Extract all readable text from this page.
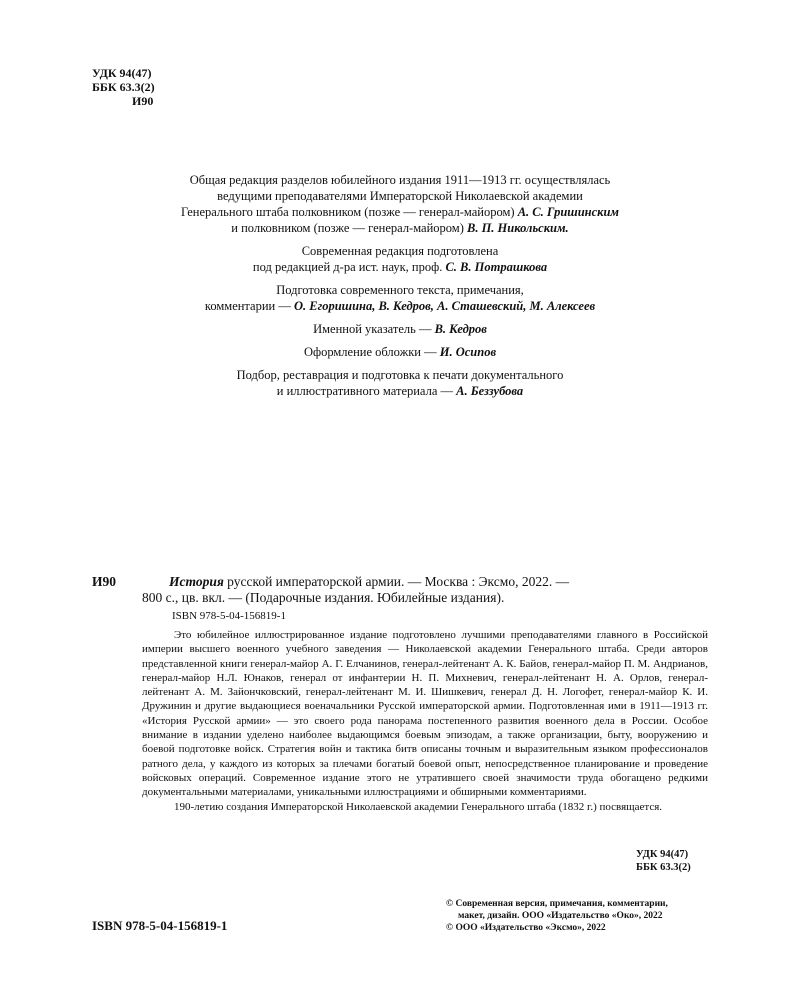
УДК 94(47)
ББК 63.3(2)
И90

Общая редакция разделов юбилейного издания 1911—1913 гг. осуществлялась

ведущими преподавателями Императорской Николаевской академии

Генерального штаба полковником (позже — генерал-майором) А. С. Гришинским

и полковником (позже — генерал-майором) В. П. Никольским.

Современная редакция подготовлена

под редакцией д-ра ист. наук, проф. С. В. Потрашкова

Подготовка современного текста, примечания,

комментарии — О. Егоришина, В. Кедров, А. Сташевский, М. Алексеев

Именной указатель — В. Кедров

Оформление обложки — И. Осипов

Подбор, реставрация и подготовка к печати документального

и иллюстративного материала — А. Беззубова

И90	История русской императорской армии. — Москва : Эксмо, 2022. —
800 с., цв. вкл. — (Подарочные издания. Юбилейные издания).
ISBN 978-5-04-156819-1

Это юбилейное иллюстрированное издание подготовлено лучшими преподавателями главного в Российской империи высшего военного учебного заведения — Николаевской академии Генерального штаба. Среди авторов представленной книги генерал-майор А. Г. Елчанинов, генерал-лейтенант А. К. Байов, генерал-майор П. М. Андрианов, генерал-майор Н.Л. Юнаков, генерал от инфантерии Н. П. Михневич, генерал-лейтенант Н. А. Орлов, генерал-лейтенант А. М. Зайончковский, генерал-лейтенант М. И. Шишкевич, генерал Д. Н. Логофет, генерал-майор К. И. Дружинин и другие выдающиеся военачальники Русской императорской армии. Подготовленная ими в 1911—1913 гг. «История Русской армии» — это своего рода панорама постепенного развития военного дела в России. Особое внимание в издании уделено наиболее выдающимся боевым эпизодам, а также организации, быту, вооружению и боевой подготовке войск. Стратегия войн и тактика битв описаны точным и выразительным языком профессионалов ратного дела, у каждого из которых за плечами богатый боевой опыт, непосредственное планирование и проведение войсковых операций. Современное издание этого не утратившего своей значимости труда обогащено редкими документальными материалами, уникальными иллюстрациями и обширными комментариями.

190-летию создания Императорской Николаевской академии Генерального штаба (1832 г.) посвящается.

УДК 94(47)
ББК 63.3(2)
ISBN 978-5-04-156819-1
© Современная версия, примечания, комментарии,
макет, дизайн. ООО «Издательство «Око», 2022
© ООО «Издательство «Эксмо», 2022
